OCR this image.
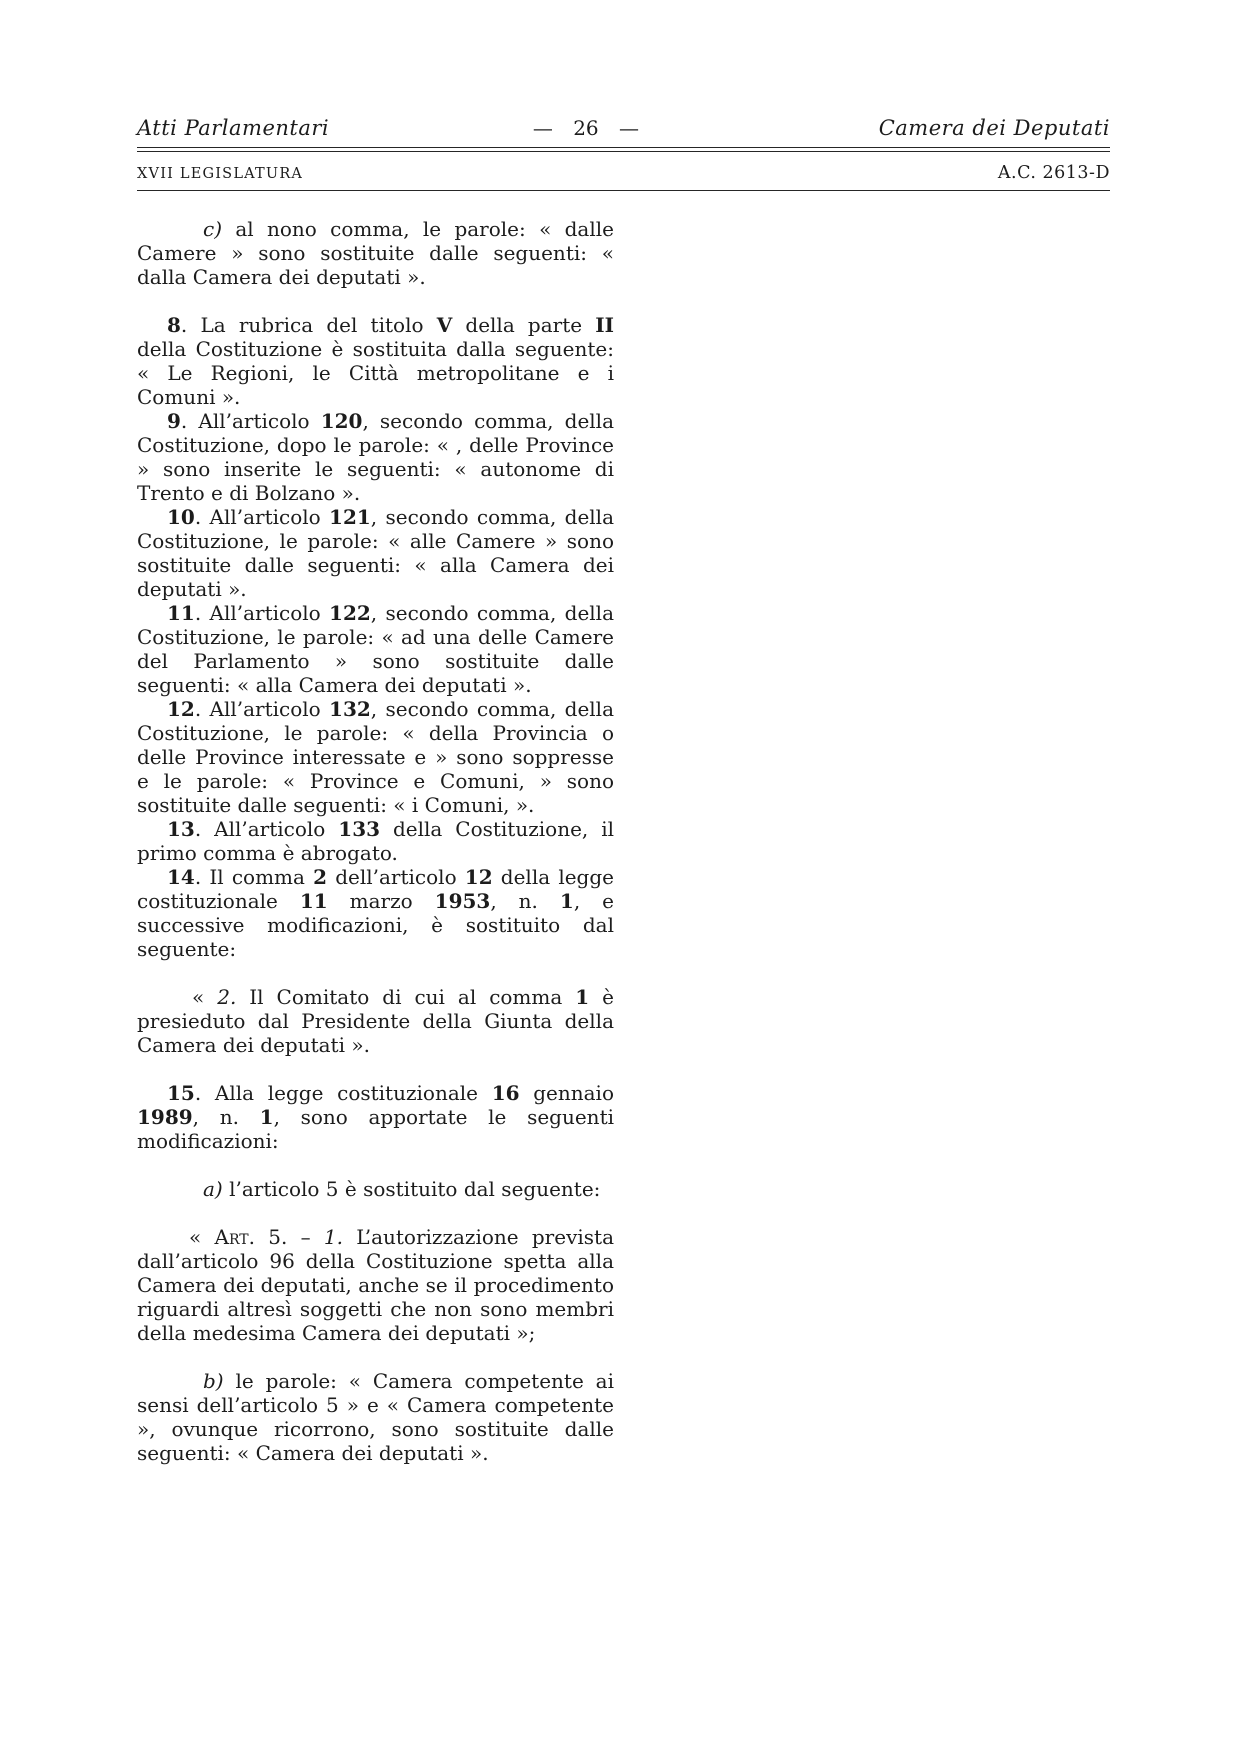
Atti Parlamentari	— 26 —	Camera dei Deputati
XVII LEGISLATURA	A.C. 2613-D

c) al nono comma, le parole: « dalle Camere » sono sostituite dalle seguenti: « dalla Camera dei deputati ».

8. La rubrica del titolo V della parte II della Costituzione è sostituita dalla seguente: « Le Regioni, le Città metropolitane e i Comuni ».

9. All’articolo 120, secondo comma, della Costituzione, dopo le parole: « , delle Province » sono inserite le seguenti: « autonome di Trento e di Bolzano ».

10. All’articolo 121, secondo comma, della Costituzione, le parole: « alle Camere » sono sostituite dalle seguenti: « alla Camera dei deputati ».

11. All’articolo 122, secondo comma, della Costituzione, le parole: « ad una delle Camere del Parlamento » sono sostituite dalle seguenti: « alla Camera dei deputati ».

12. All’articolo 132, secondo comma, della Costituzione, le parole: « della Provincia o delle Province interessate e » sono soppresse e le parole: « Province e Comuni, » sono sostituite dalle seguenti: « i Comuni, ».

13. All’articolo 133 della Costituzione, il primo comma è abrogato.

14. Il comma 2 dell’articolo 12 della legge costituzionale 11 marzo 1953, n. 1, e successive modificazioni, è sostituito dal seguente:

« 2. Il Comitato di cui al comma 1 è presieduto dal Presidente della Giunta della Camera dei deputati ».

15. Alla legge costituzionale 16 gennaio 1989, n. 1, sono apportate le seguenti modificazioni:

a) l’articolo 5 è sostituito dal seguente:

« Art. 5. – 1. L’autorizzazione prevista dall’articolo 96 della Costituzione spetta alla Camera dei deputati, anche se il procedimento riguardi altresì soggetti che non sono membri della medesima Camera dei deputati »;

b) le parole: « Camera competente ai sensi dell’articolo 5 » e « Camera competente », ovunque ricorrono, sono sostituite dalle seguenti: « Camera dei deputati ».
